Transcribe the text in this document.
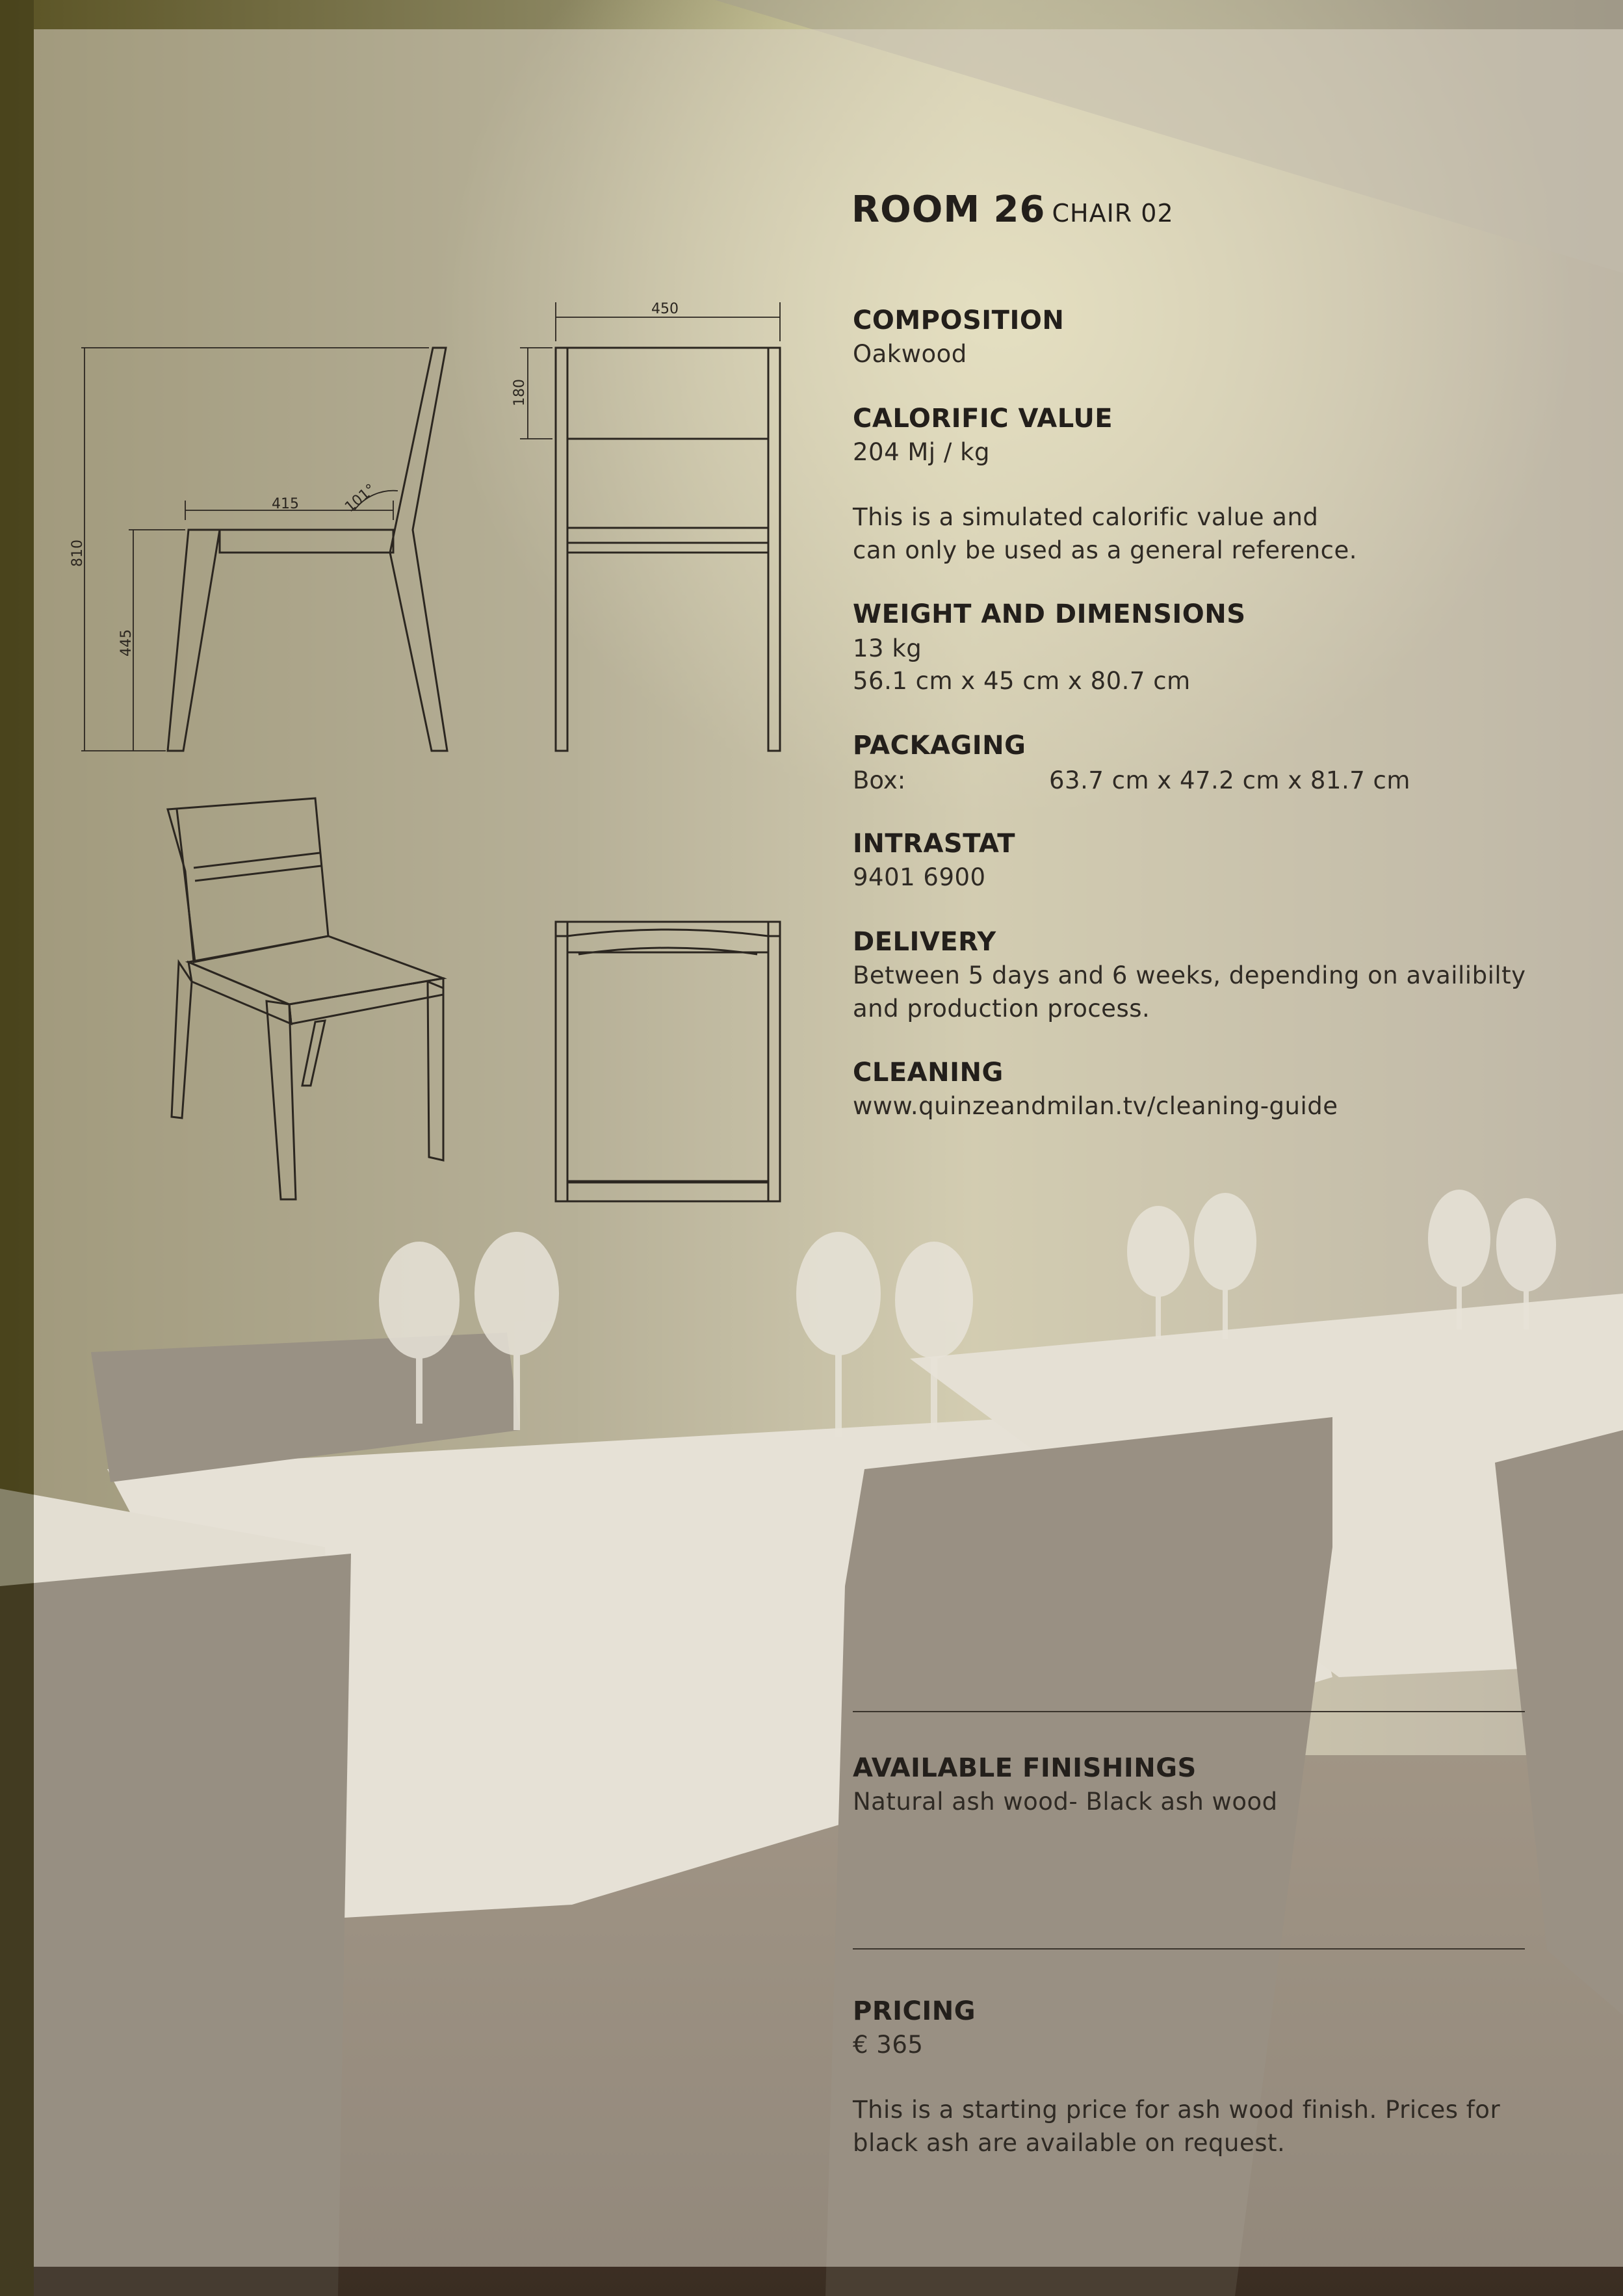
415	101°
810
445
450
180
ROOM 26 CHAIR 02
COMPOSITION
Oakwood
CALORIFIC VALUE
204 Mj / kg
This is a simulated calorific value and
can only be used as a general reference.
WEIGHT AND DIMENSIONS
13 kg
56.1 cm x 45 cm x 80.7 cm
PACKAGING
Box:	63.7 cm x 47.2 cm x 81.7 cm
INTRASTAT
9401 6900
DELIVERY
Between 5 days and 6 weeks, depending on availibilty
and production process.
CLEANING
www.quinzeandmilan.tv/cleaning-guide
AVAILABLE FINISHINGS
Natural ash wood- Black ash wood
PRICING
€ 365
This is a starting price for ash wood finish. Prices for
black ash are available on request.
